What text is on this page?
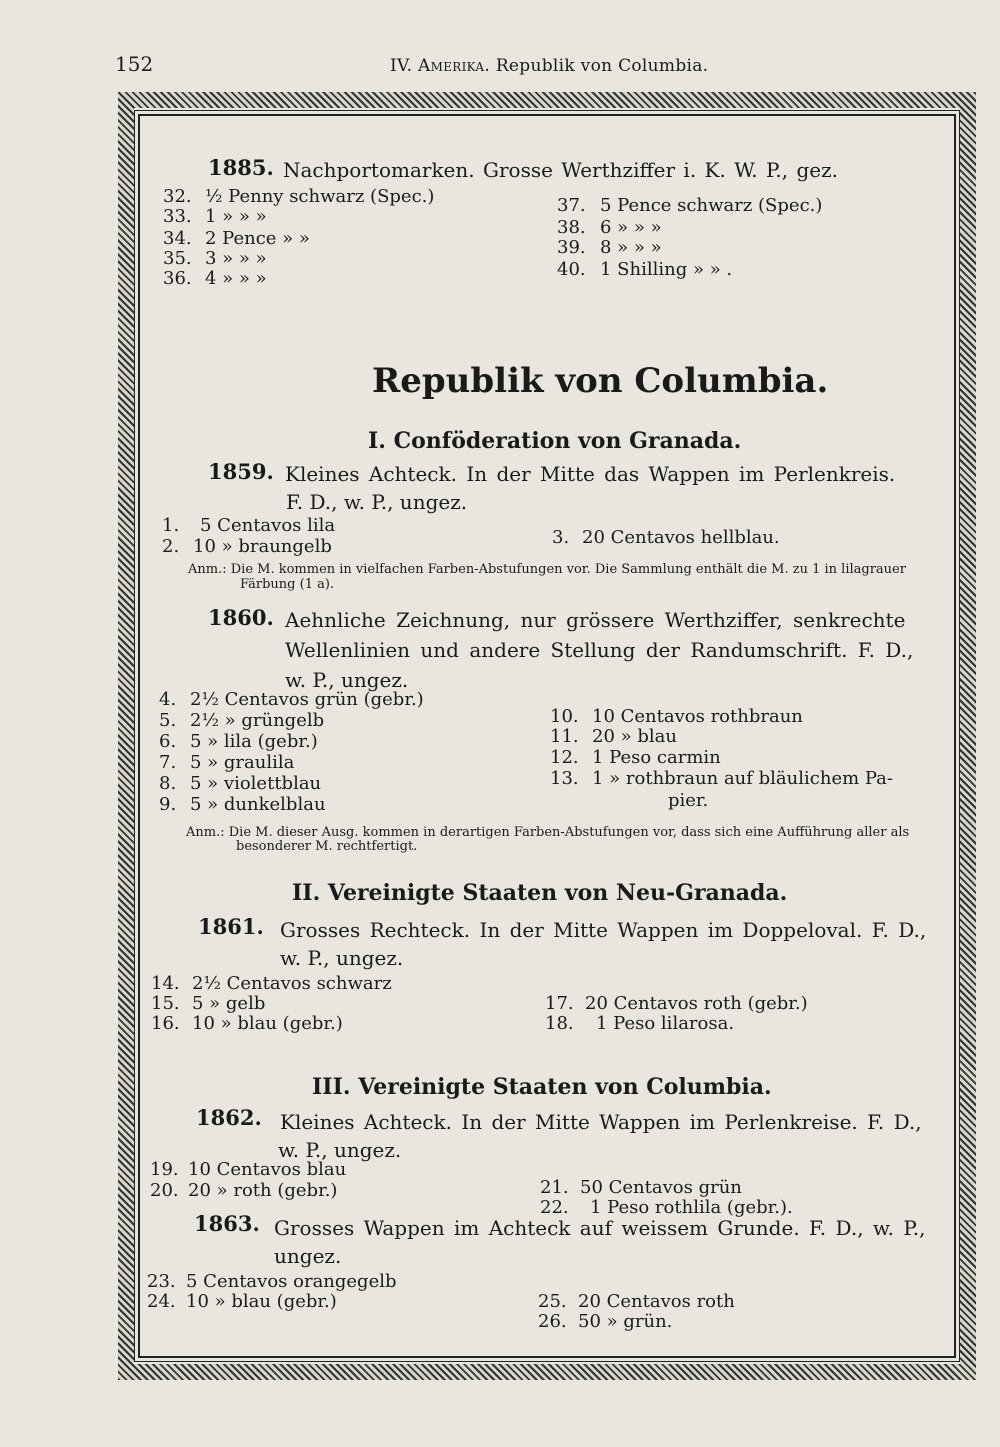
152	IV. Amerika. Republik von Columbia.
1885. Nachportomarken. Grosse Werthziffer i. K. W. P., gez.
32. ½ Penny schwarz (Spec.)
33. 1 » » »
34. 2 Pence » »
35. 3 » » »
36. 4 » » »
37. 5 Pence schwarz (Spec.)
38. 6 » » »
39. 8 » » »
40. 1 Shilling » » .
Republik von Columbia.
I. Conföderation von Granada.
1859. Kleines Achteck. In der Mitte das Wappen im Perlenkreis.
F. D., w. P., ungez.
1. 5 Centavos lila
2. 10 » braungelb	3. 20 Centavos hellblau.
Anm.: Die M. kommen in vielfachen Farben-Abstufungen vor. Die Sammlung enthält die M. zu 1 in lilagrauer
Färbung (1 a).
1860. Aehnliche Zeichnung, nur grössere Werthziffer, senkrechte
Wellenlinien und andere Stellung der Randumschrift. F. D.,
w. P., ungez.
4. 2½ Centavos grün (gebr.)
5. 2½ » grüngelb
6. 5 » lila (gebr.)
7. 5 » graulila
8. 5 » violettblau
9. 5 » dunkelblau
10. 10 Centavos rothbraun
11. 20 » blau
12. 1 Peso carmin
13. 1 » rothbraun auf bläulichem Pa-
pier.
Anm.: Die M. dieser Ausg. kommen in derartigen Farben-Abstufungen vor, dass sich eine Aufführung aller als
besonderer M. rechtfertigt.
II. Vereinigte Staaten von Neu-Granada.
1861. Grosses Rechteck. In der Mitte Wappen im Doppeloval. F. D.,
w. P., ungez.
14. 2½ Centavos schwarz
15. 5 » gelb
16. 10 » blau (gebr.)
17. 20 Centavos roth (gebr.)
18. 1 Peso lilarosa.
III. Vereinigte Staaten von Columbia.
1862. Kleines Achteck. In der Mitte Wappen im Perlenkreise. F. D.,
w. P., ungez.
19. 10 Centavos blau
20. 20 » roth (gebr.)	21. 50 Centavos grün
22. 1 Peso rothlila (gebr.).
1863. Grosses Wappen im Achteck auf weissem Grunde. F. D., w. P.,
ungez.
23. 5 Centavos orangegelb
24. 10 » blau (gebr.)	25. 20 Centavos roth
26. 50 » grün.
